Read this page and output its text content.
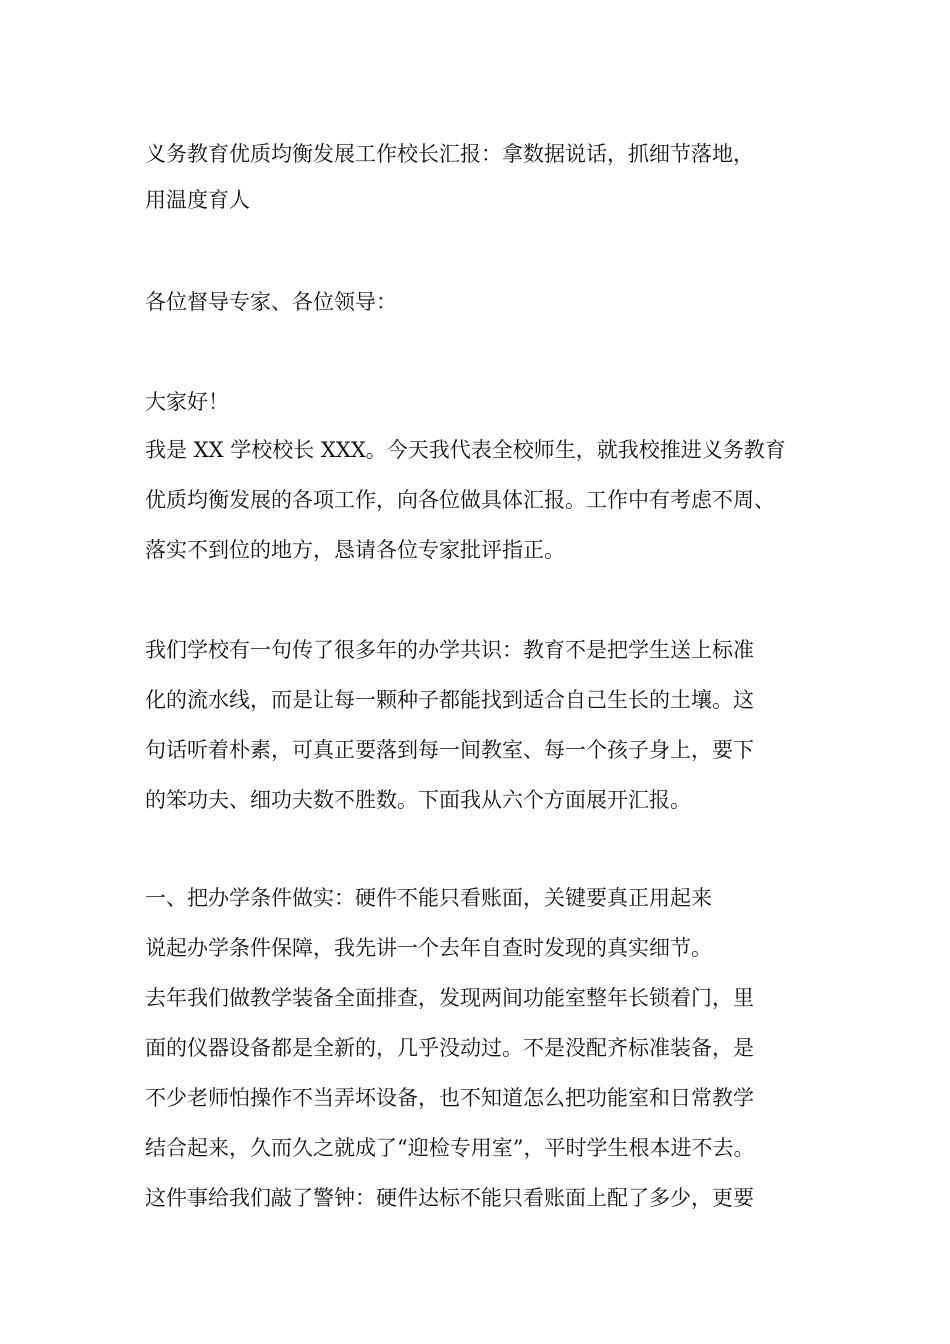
义务教育优质均衡发展工作校长汇报：拿数据说话，抓细节落地，
用温度育人
各位督导专家、各位领导：
大家好！
我是 XX 学校校长 XXX。今天我代表全校师生，就我校推进义务教育
优质均衡发展的各项工作，向各位做具体汇报。工作中有考虑不周、
落实不到位的地方，恳请各位专家批评指正。
我们学校有一句传了很多年的办学共识：教育不是把学生送上标准
化的流水线，而是让每一颗种子都能找到适合自己生长的土壤。这
句话听着朴素，可真正要落到每一间教室、每一个孩子身上，要下
的笨功夫、细功夫数不胜数。下面我从六个方面展开汇报。
一、把办学条件做实：硬件不能只看账面，关键要真正用起来
说起办学条件保障，我先讲一个去年自查时发现的真实细节。
去年我们做教学装备全面排查，发现两间功能室整年长锁着门，里
面的仪器设备都是全新的，几乎没动过。不是没配齐标准装备，是
不少老师怕操作不当弄坏设备，也不知道怎么把功能室和日常教学
结合起来，久而久之就成了“迎检专用室”，平时学生根本进不去。
这件事给我们敲了警钟：硬件达标不能只看账面上配了多少，更要
